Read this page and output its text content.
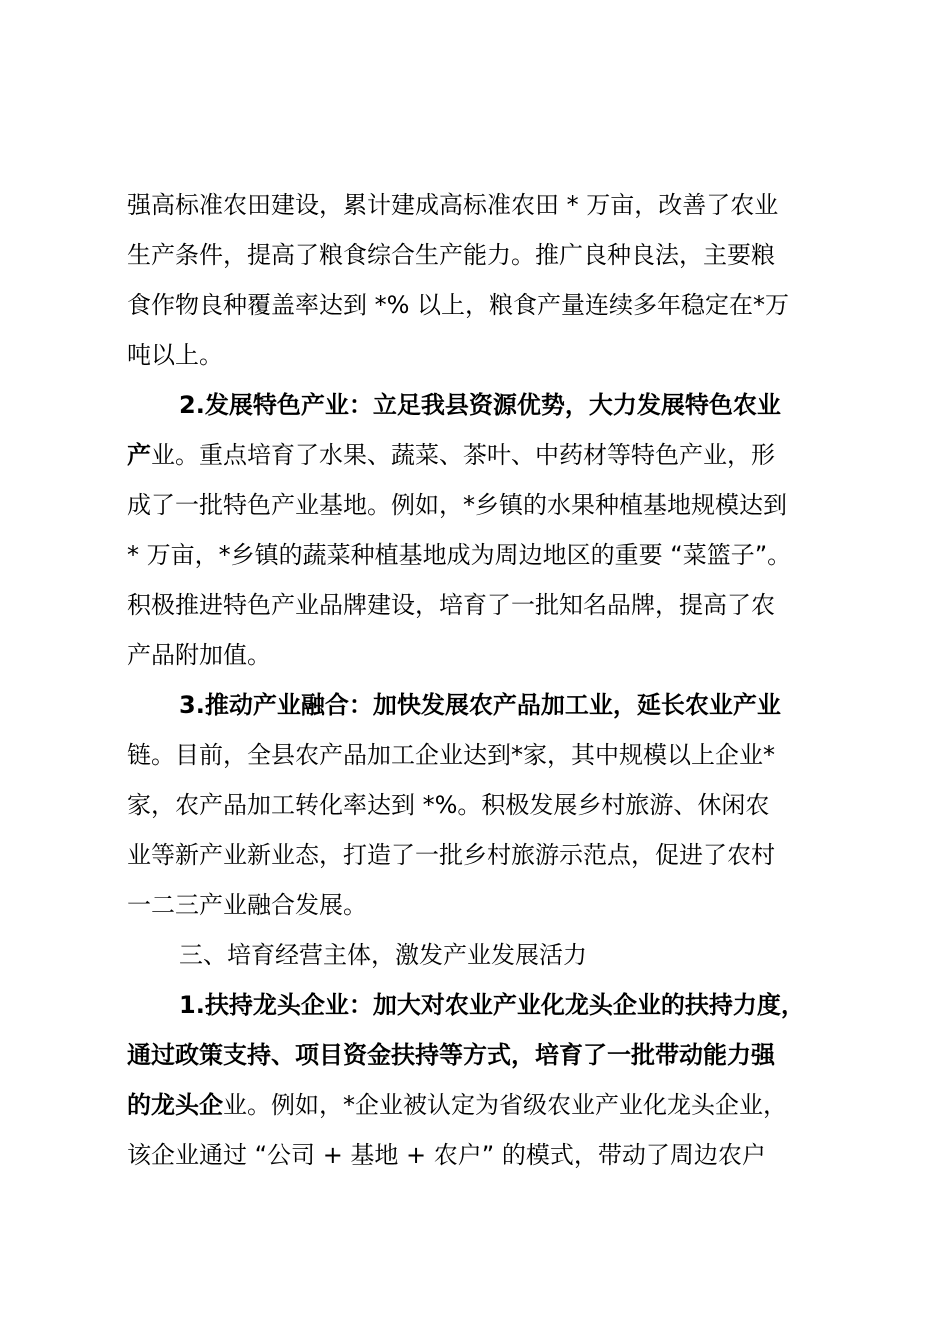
强高标准农田建设，累计建成高标准农田 * 万亩，改善了农业
生产条件，提高了粮食综合生产能力。推广良种良法，主要粮
食作物良种覆盖率达到 *% 以上，粮食产量连续多年稳定在*万
吨以上。
2.发展特色产业：立足我县资源优势，大力发展特色农业
产业。重点培育了水果、蔬菜、茶叶、中药材等特色产业，形
成了一批特色产业基地。例如，*乡镇的水果种植基地规模达到
* 万亩，*乡镇的蔬菜种植基地成为周边地区的重要 “菜篮子”。
积极推进特色产业品牌建设，培育了一批知名品牌，提高了农
产品附加值。
3.推动产业融合：加快发展农产品加工业，延长农业产业
链。目前，全县农产品加工企业达到*家，其中规模以上企业*
家，农产品加工转化率达到 *%。积极发展乡村旅游、休闲农
业等新产业新业态，打造了一批乡村旅游示范点，促进了农村
一二三产业融合发展。
三、培育经营主体，激发产业发展活力
1.扶持龙头企业：加大对农业产业化龙头企业的扶持力度，
通过政策支持、项目资金扶持等方式，培育了一批带动能力强
的龙头企业。例如，*企业被认定为省级农业产业化龙头企业，
该企业通过 “公司 + 基地 + 农户” 的模式，带动了周边农户
